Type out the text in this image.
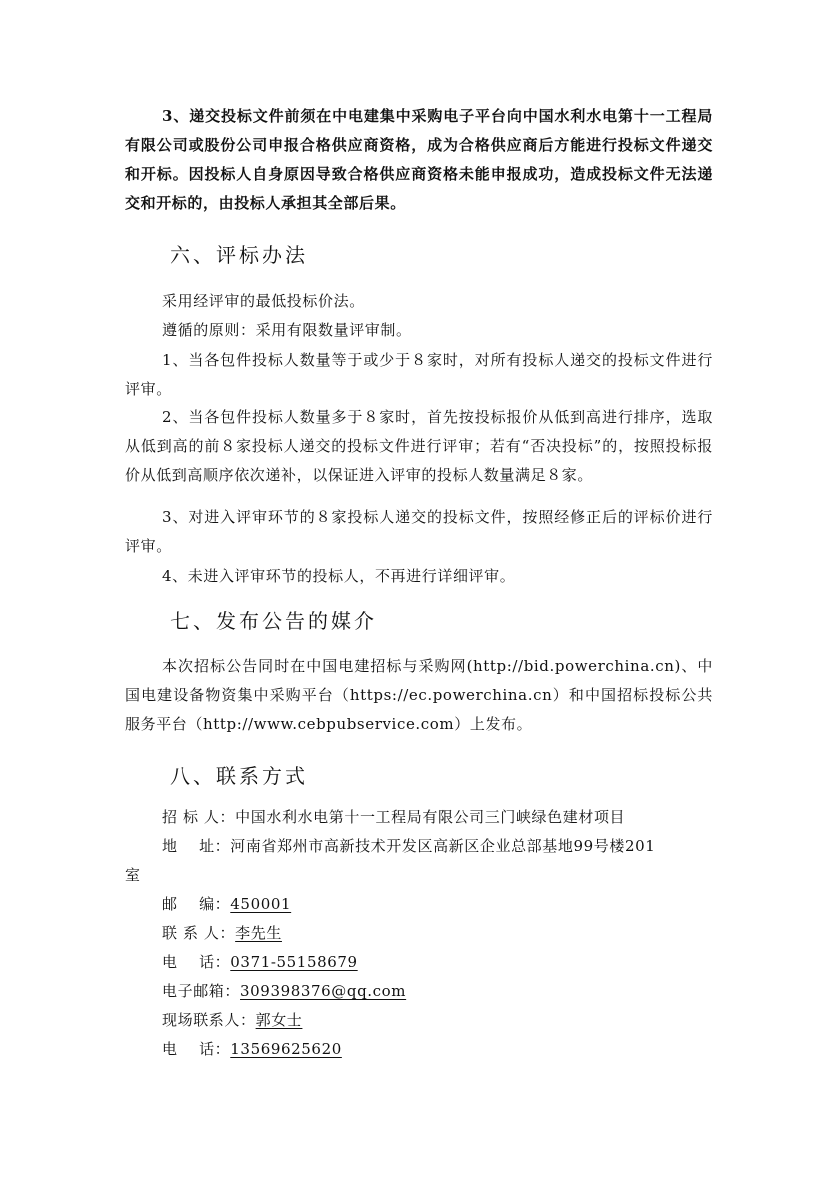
3、递交投标文件前须在中电建集中采购电子平台向中国水利水电第十一工程局有限公司或股份公司申报合格供应商资格，成为合格供应商后方能进行投标文件递交和开标。因投标人自身原因导致合格供应商资格未能申报成功，造成投标文件无法递交和开标的，由投标人承担其全部后果。

六、评标办法

采用经评审的最低投标价法。

遵循的原则：采用有限数量评审制。

1、当各包件投标人数量等于或少于８家时，对所有投标人递交的投标文件进行评审。

2、当各包件投标人数量多于８家时，首先按投标报价从低到高进行排序，选取从低到高的前８家投标人递交的投标文件进行评审；若有“否决投标”的，按照投标报价从低到高顺序依次递补，以保证进入评审的投标人数量满足８家。

3、对进入评审环节的８家投标人递交的投标文件，按照经修正后的评标价进行评审。

4、未进入评审环节的投标人，不再进行详细评审。

七、发布公告的媒介

本次招标公告同时在中国电建招标与采购网(http://bid.powerchina.cn)、中国电建设备物资集中采购平台（https://ec.powerchina.cn）和中国招标投标公共服务平台（http://www.cebpubservice.com）上发布。

八、联系方式
招 标 人： 中国水利水电第十一工程局有限公司三门峡绿色建材项目
地    址： 河南省郑州市高新技术开发区高新区企业总部基地99号楼201
室
邮    编： 450001
联 系 人： 李先生
电    话： 0371-55158679
电子邮箱： 309398376@qq.com
现场联系人： 郭女士
电    话： 13569625620
